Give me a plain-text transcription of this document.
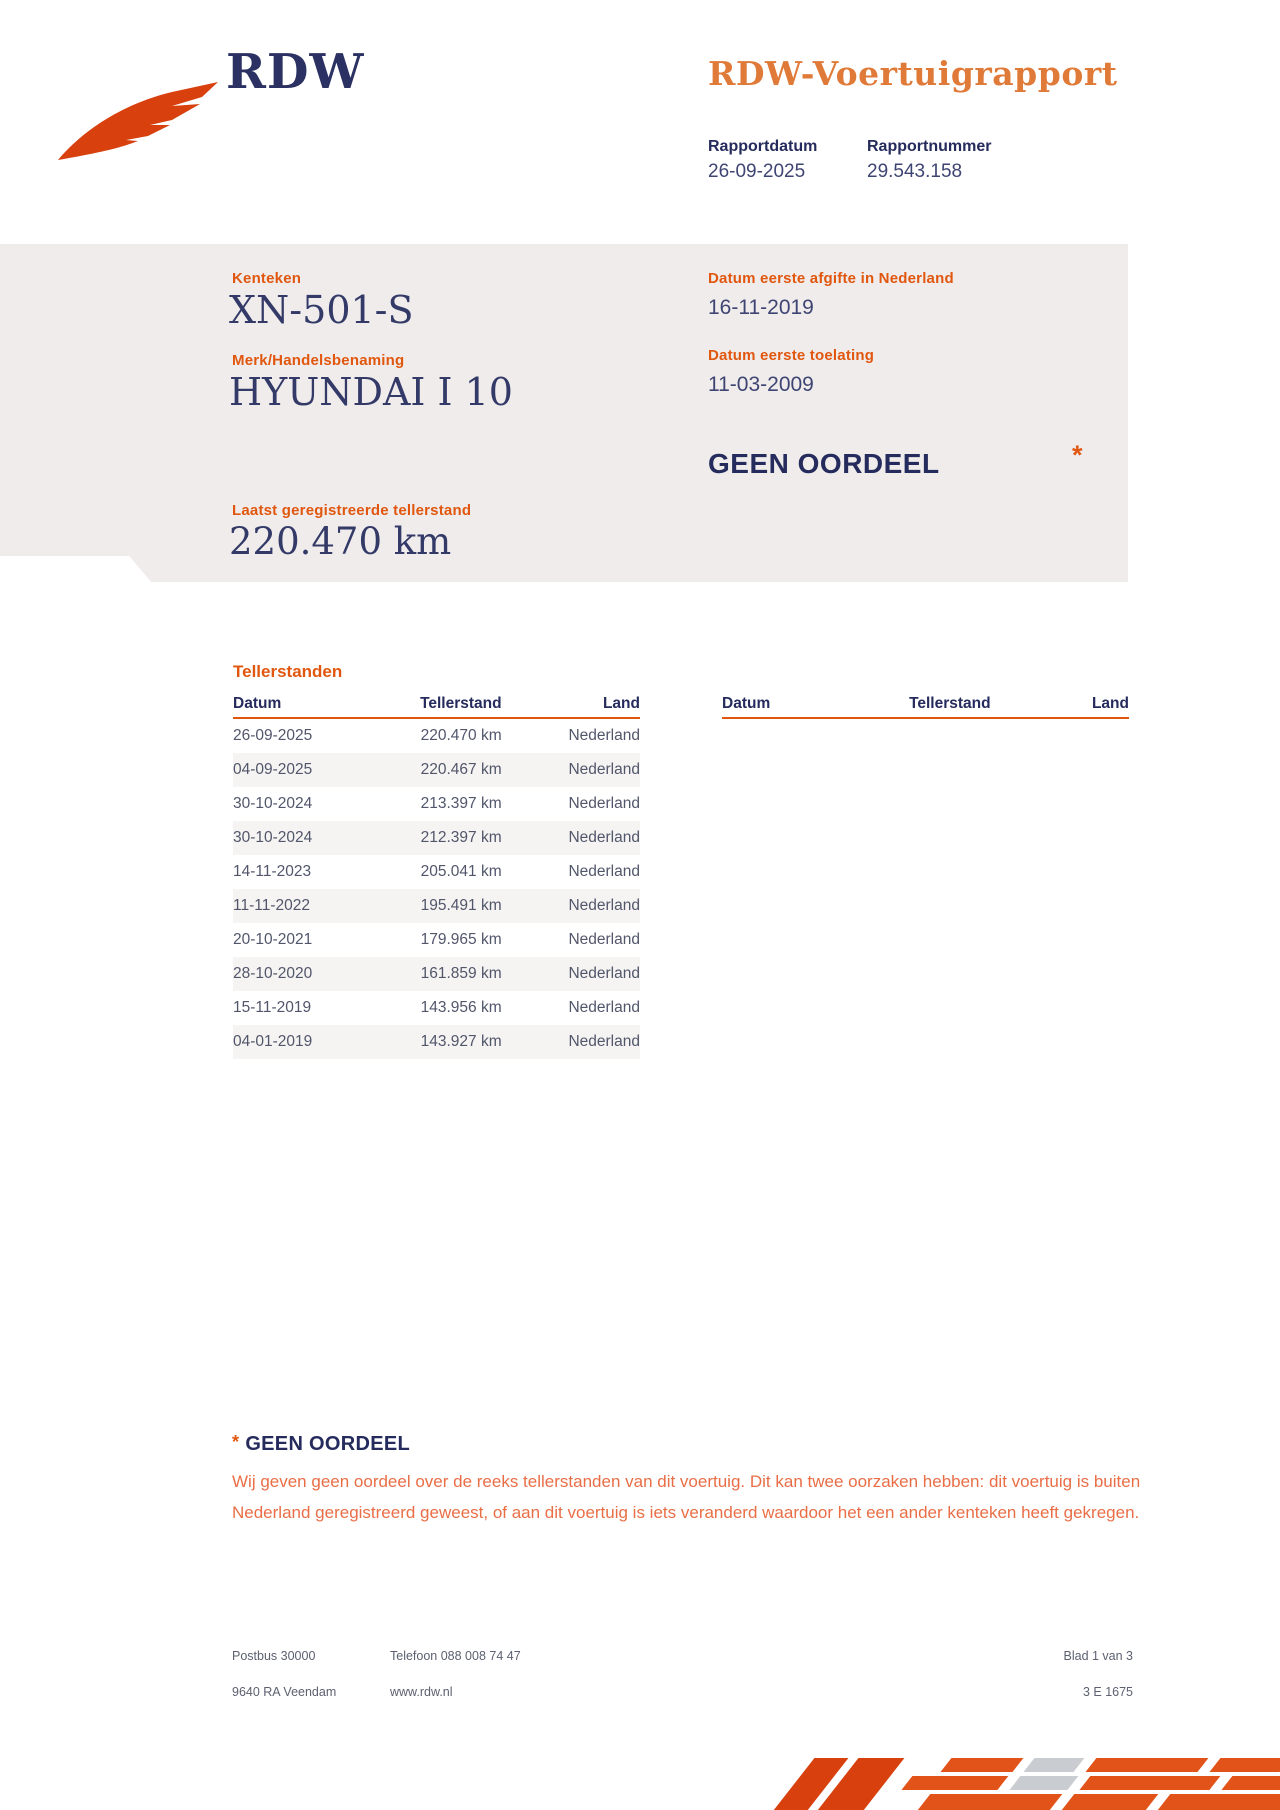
RDW	RDW-Voertuigrapport
Rapportdatum
26-09-2025
Rapportnummer
29.543.158
Kenteken
XN-501-S
Merk/Handelsbenaming
HYUNDAI I 10
Datum eerste afgifte in Nederland
16-11-2019
Datum eerste toelating
11-03-2009
GEEN OORDEEL	*
Laatst geregistreerde tellerstand
220.470 km
Tellerstanden
Datum	Tellerstand	Land
26-09-2025	220.470 km	Nederland
04-09-2025	220.467 km	Nederland
30-10-2024	213.397 km	Nederland
30-10-2024	212.397 km	Nederland
14-11-2023	205.041 km	Nederland
11-11-2022	195.491 km	Nederland
20-10-2021	179.965 km	Nederland
28-10-2020	161.859 km	Nederland
15-11-2019	143.956 km	Nederland
04-01-2019	143.927 km	Nederland
Datum	Tellerstand	Land
* GEEN OORDEEL
Wij geven geen oordeel over de reeks tellerstanden van dit voertuig. Dit kan twee oorzaken hebben: dit voertuig is buiten Nederland geregistreerd geweest, of aan dit voertuig is iets veranderd waardoor het een ander kenteken heeft gekregen.
Postbus 30000
9640 RA Veendam
Telefoon 088 008 74 47
www.rdw.nl
Blad 1 van 3
3 E 1675
